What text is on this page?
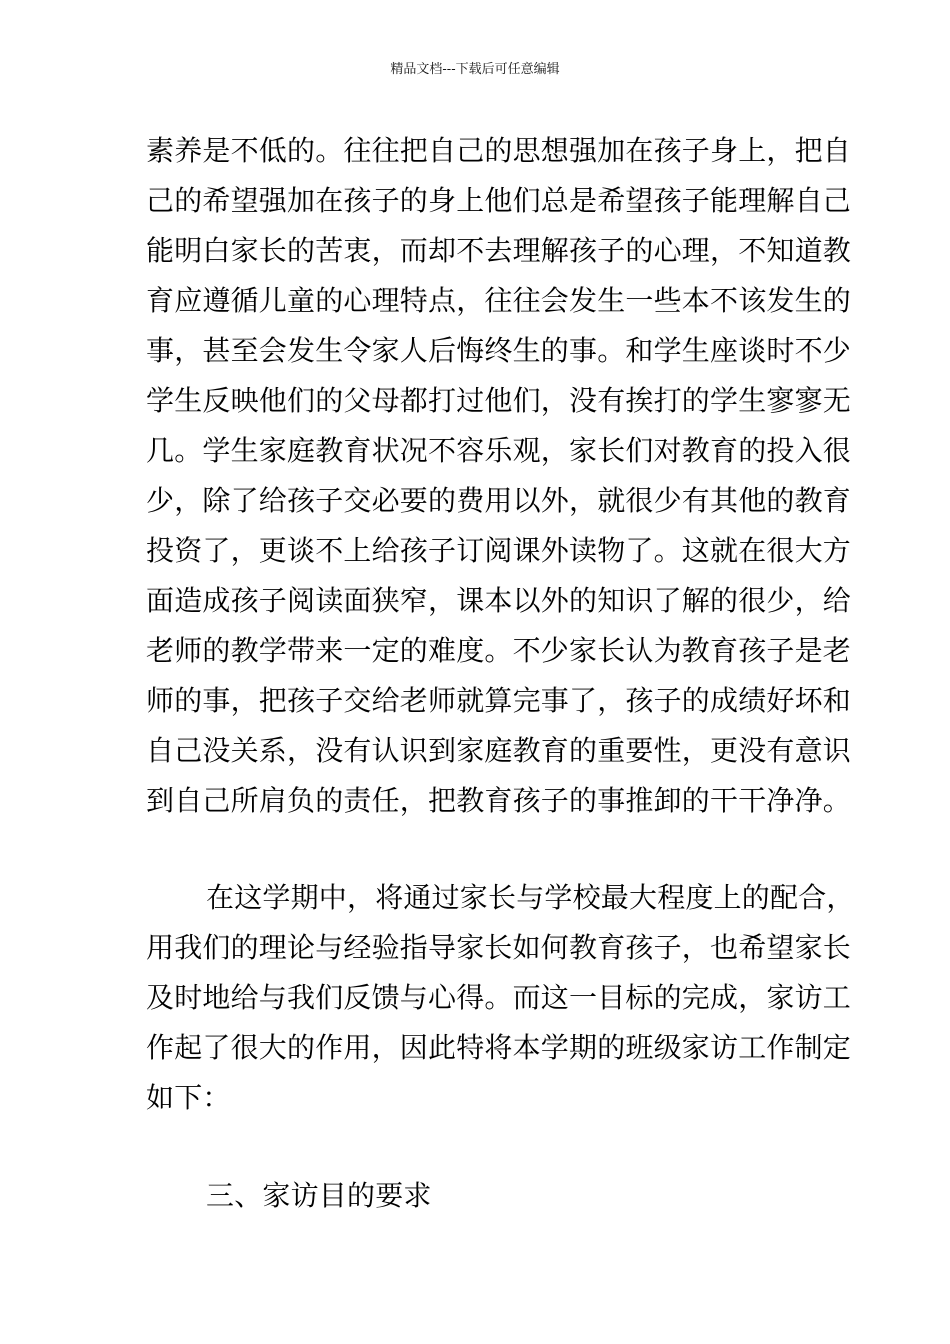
精品文档---下载后可任意编辑
素养是不低的。往往把自己的思想强加在孩子身上，把自
己的希望强加在孩子的身上他们总是希望孩子能理解自己
能明白家长的苦衷，而却不去理解孩子的心理，不知道教
育应遵循儿童的心理特点，往往会发生一些本不该发生的
事，甚至会发生令家人后悔终生的事。和学生座谈时不少
学生反映他们的父母都打过他们，没有挨打的学生寥寥无
几。学生家庭教育状况不容乐观，家长们对教育的投入很
少，除了给孩子交必要的费用以外，就很少有其他的教育
投资了，更谈不上给孩子订阅课外读物了。这就在很大方
面造成孩子阅读面狭窄，课本以外的知识了解的很少，给
老师的教学带来一定的难度。不少家长认为教育孩子是老
师的事，把孩子交给老师就算完事了，孩子的成绩好坏和
自己没关系，没有认识到家庭教育的重要性，更没有意识
到自己所肩负的责任，把教育孩子的事推卸的干干净净。
在这学期中，将通过家长与学校最大程度上的配合，
用我们的理论与经验指导家长如何教育孩子，也希望家长
及时地给与我们反馈与心得。而这一目标的完成，家访工
作起了很大的作用，因此特将本学期的班级家访工作制定
如下：
三、家访目的要求
